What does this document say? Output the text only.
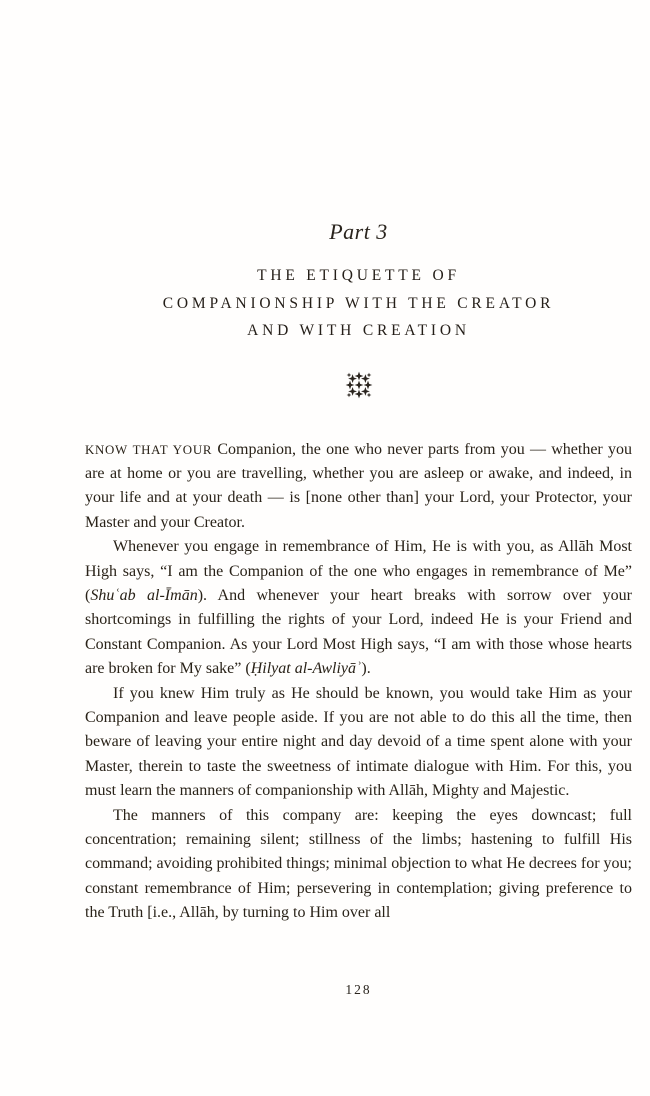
Part 3
THE ETIQUETTE OF
COMPANIONSHIP WITH THE CREATOR
AND WITH CREATION

KNOW THAT YOUR Companion, the one who never parts from you — whether you are at home or you are travelling, whether you are asleep or awake, and indeed, in your life and at your death — is [none other than] your Lord, your Protector, your Master and your Creator.

Whenever you engage in remembrance of Him, He is with you, as Allāh Most High says, “I am the Companion of the one who engages in remembrance of Me” (Shuʿab al-Īmān). And whenever your heart breaks with sorrow over your shortcomings in fulfilling the rights of your Lord, indeed He is your Friend and Constant Companion. As your Lord Most High says, “I am with those whose hearts are broken for My sake” (Ḥilyat al-Awliyāʾ).

If you knew Him truly as He should be known, you would take Him as your Companion and leave people aside. If you are not able to do this all the time, then beware of leaving your entire night and day devoid of a time spent alone with your Master, therein to taste the sweetness of intimate dialogue with Him. For this, you must learn the manners of companionship with Allāh, Mighty and Majestic.

The manners of this company are: keeping the eyes downcast; full concentration; remaining silent; stillness of the limbs; hastening to fulfill His command; avoiding prohibited things; minimal objection to what He decrees for you; constant remembrance of Him; persevering in contemplation; giving preference to the Truth [i.e., Allāh, by turning to Him over all

128
